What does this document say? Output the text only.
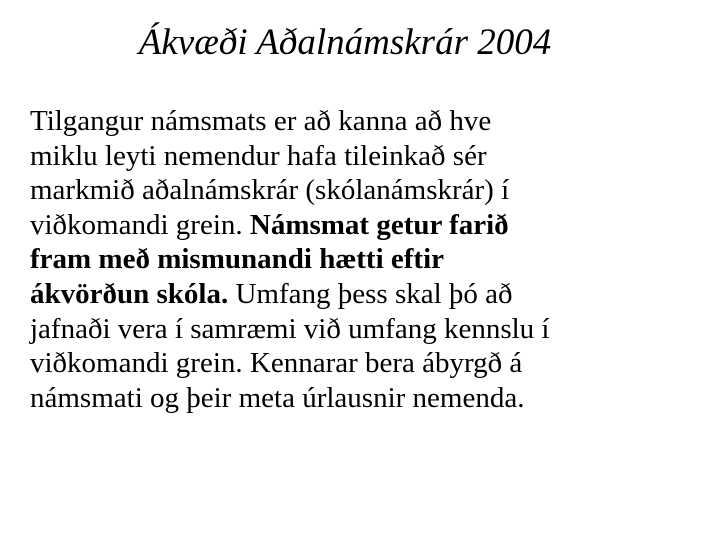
Ákvæði Aðalnámskrár 2004

Tilgangur námsmats er að kanna að hve
miklu leyti nemendur hafa tileinkað sér
markmið aðalnámskrár (skólanámskrár) í
viðkomandi grein. Námsmat getur farið
fram með mismunandi hætti eftir
ákvörðun skóla. Umfang þess skal þó að
jafnaði vera í samræmi við umfang kennslu í
viðkomandi grein. Kennarar bera ábyrgð á
námsmati og þeir meta úrlausnir nemenda.
